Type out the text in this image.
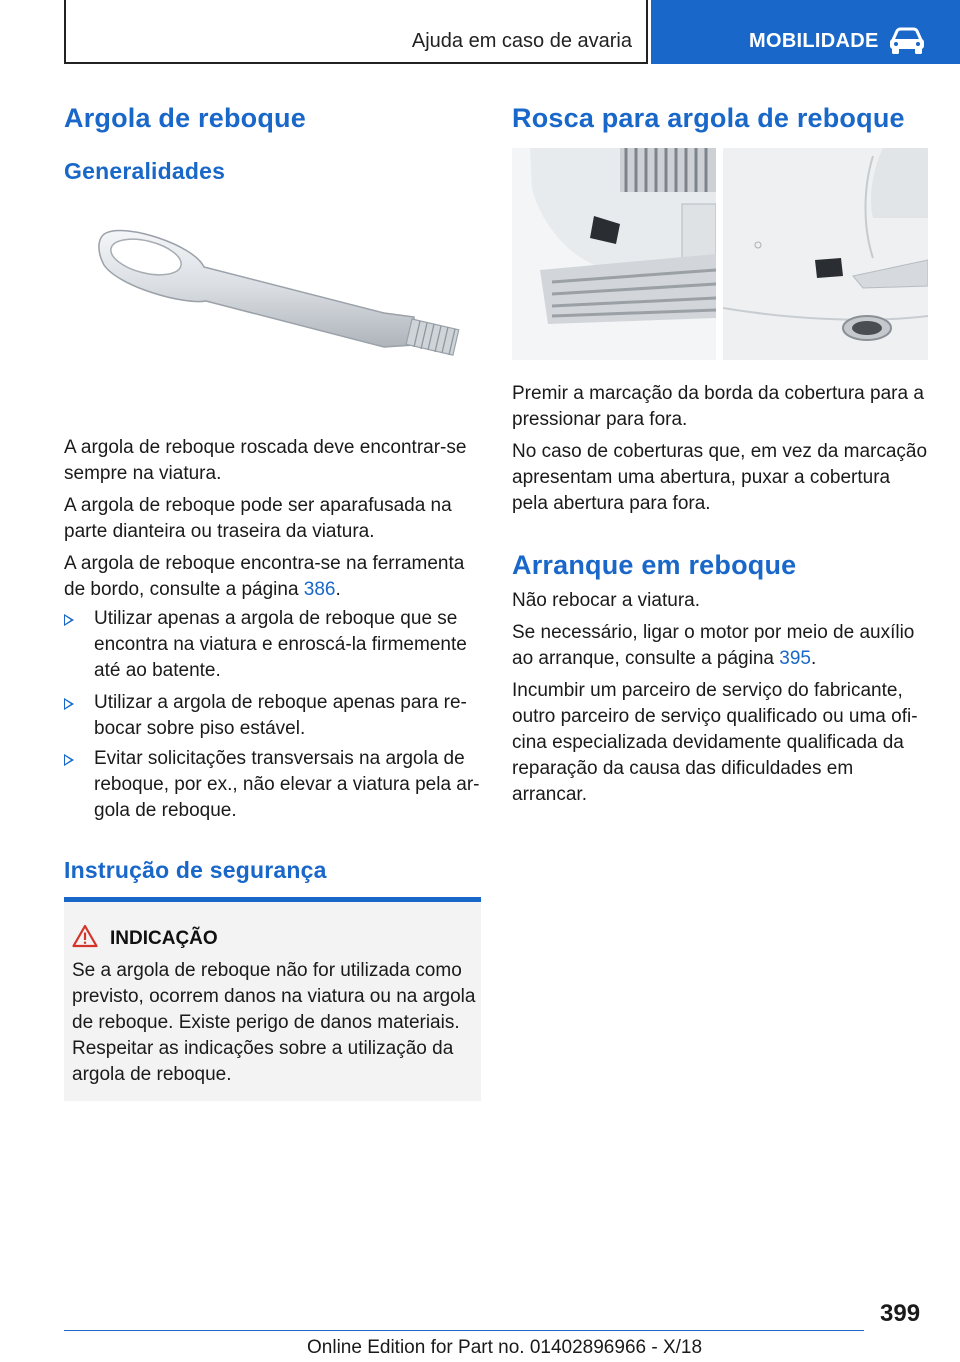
Ajuda em caso de avaria	MOBILIDADE
Argola de reboque
Generalidades

A argola de reboque roscada deve encontrar-se sempre na viatura.

A argola de reboque pode ser aparafusada na parte dianteira ou traseira da viatura.

A argola de reboque encontra-se na ferramenta de bordo, consulte a página 386.

Utilizar apenas a argola de reboque que se encontra na viatura e enroscá-la firmemente até ao batente.

Utilizar a argola de reboque apenas para re-bocar sobre piso estável.

Evitar solicitações transversais na argola de reboque, por ex., não elevar a viatura pela ar-gola de reboque.

Instrução de segurança
INDICAÇÃO

Se a argola de reboque não for utilizada como previsto, ocorrem danos na viatura ou na argola de reboque. Existe perigo de danos materiais. Respeitar as indicações sobre a utilização da argola de reboque.

Rosca para argola de reboque

Premir a marcação da borda da cobertura para a pressionar para fora.

No caso de coberturas que, em vez da marcação apresentam uma abertura, puxar a cobertura pela abertura para fora.

Arranque em reboque

Não rebocar a viatura.

Se necessário, ligar o motor por meio de auxílio ao arranque, consulte a página 395.

Incumbir um parceiro de serviço do fabricante, outro parceiro de serviço qualificado ou uma ofi-cina especializada devidamente qualificada da reparação da causa das dificuldades em arrancar.

399
Online Edition for Part no. 01402896966 - X/18
